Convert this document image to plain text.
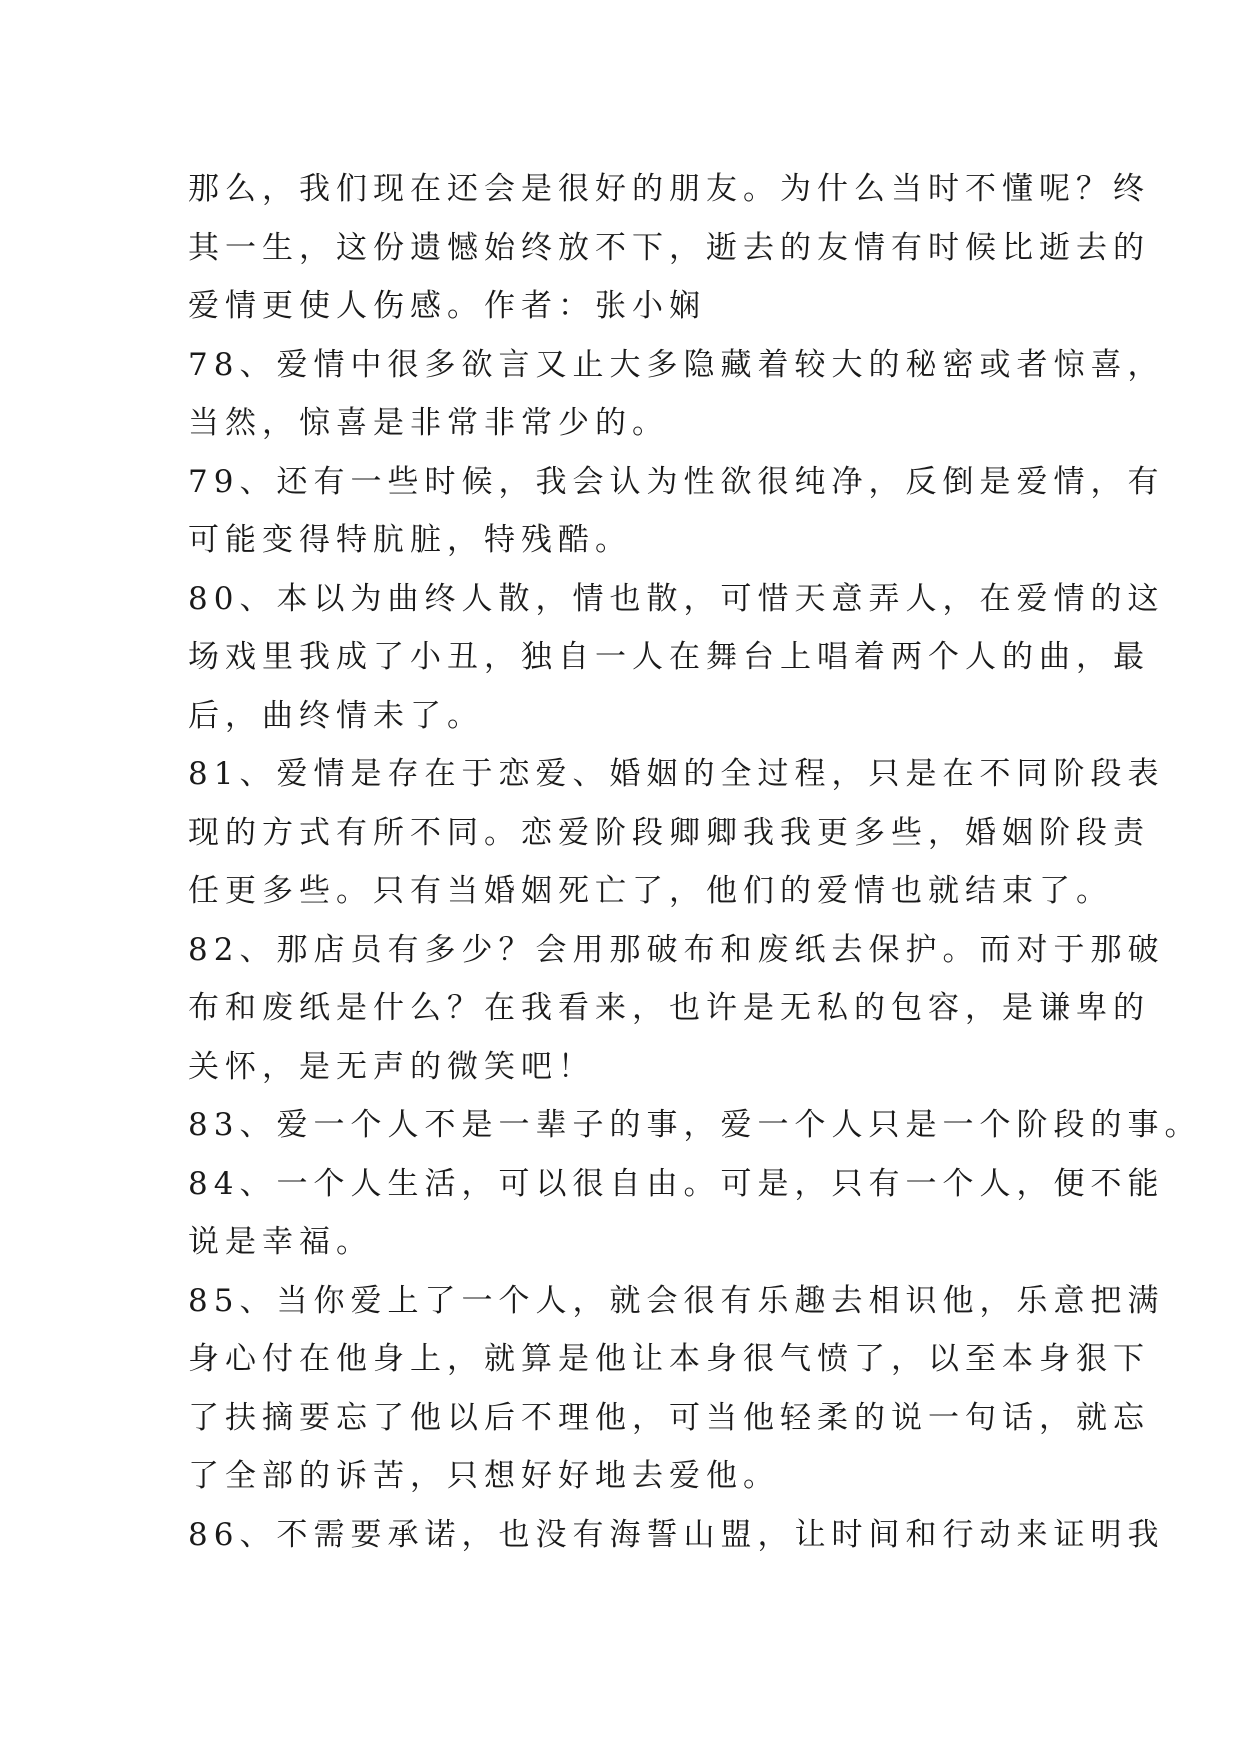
那么，我们现在还会是很好的朋友。为什么当时不懂呢？终
其一生，这份遗憾始终放不下，逝去的友情有时候比逝去的
爱情更使人伤感。作者：张小娴
78、爱情中很多欲言又止大多隐藏着较大的秘密或者惊喜，
当然，惊喜是非常非常少的。
79、还有一些时候，我会认为性欲很纯净，反倒是爱情，有
可能变得特肮脏，特残酷。
80、本以为曲终人散，情也散，可惜天意弄人，在爱情的这
场戏里我成了小丑，独自一人在舞台上唱着两个人的曲，最
后，曲终情未了。
81、爱情是存在于恋爱、婚姻的全过程，只是在不同阶段表
现的方式有所不同。恋爱阶段卿卿我我更多些，婚姻阶段责
任更多些。只有当婚姻死亡了，他们的爱情也就结束了。
82、那店员有多少？会用那破布和废纸去保护。而对于那破
布和废纸是什么？在我看来，也许是无私的包容，是谦卑的
关怀，是无声的微笑吧！
83、爱一个人不是一辈子的事，爱一个人只是一个阶段的事。
84、一个人生活，可以很自由。可是，只有一个人，便不能
说是幸福。
85、当你爱上了一个人，就会很有乐趣去相识他，乐意把满
身心付在他身上，就算是他让本身很气愤了，以至本身狠下
了扶摘要忘了他以后不理他，可当他轻柔的说一句话，就忘
了全部的诉苦，只想好好地去爱他。
86、不需要承诺，也没有海誓山盟，让时间和行动来证明我
